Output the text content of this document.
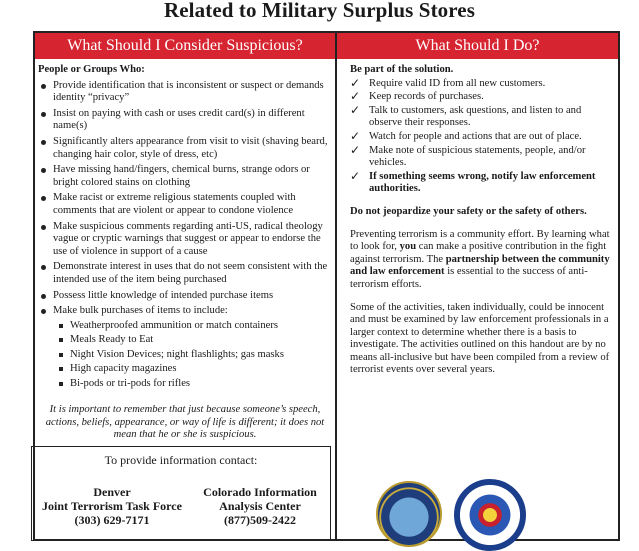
Related to Military Surplus Stores
What Should I Consider Suspicious?	What Should I Do?
People or Groups Who:
Provide identification that is inconsistent or suspect or demands identity “privacy”
Insist on paying with cash or uses credit card(s) in different name(s)
Significantly alters appearance from visit to visit (shaving beard, changing hair color, style of dress, etc)
Have missing hand/fingers, chemical burns, strange odors or bright colored stains on clothing
Make racist or extreme religious statements coupled with comments that are violent or appear to condone violence
Make suspicious comments regarding anti-US, radical theology vague or cryptic warnings that suggest or appear to endorse the use of violence in support of a cause
Demonstrate interest in uses that do not seem consistent with the intended use of the item being purchased
Possess little knowledge of intended purchase items
Make bulk purchases of items to include:
Weatherproofed ammunition or match containers
Meals Ready to Eat
Night Vision Devices; night flashlights; gas masks
High capacity magazines
Bi-pods or tri-pods for rifles
It is important to remember that just because someone’s speech, actions, beliefs, appearance, or way of life is different; it does not mean that he or she is suspicious.
To provide information contact:
Denver
Joint Terrorism Task Force
(303) 629-7171
Colorado Information
Analysis Center
(877)509-2422
Be part of the solution.
✓ Require valid ID from all new customers.
✓ Keep records of purchases.
✓ Talk to customers, ask questions, and listen to and observe their responses.
✓ Watch for people and actions that are out of place.
✓ Make note of suspicious statements, people, and/or vehicles.
✓ If something seems wrong, notify law enforcement authorities.
Do not jeopardize your safety or the safety of others.
Preventing terrorism is a community effort. By learning what to look for, you can make a positive contribution in the fight against terrorism. The partnership between the community and law enforcement is essential to the success of anti-terrorism efforts.
Some of the activities, taken individually, could be innocent and must be examined by law enforcement professionals in a larger context to determine whether there is a basis to investigate. The activities outlined on this handout are by no means all-inclusive but have been compiled from a review of terrorist events over several years.
